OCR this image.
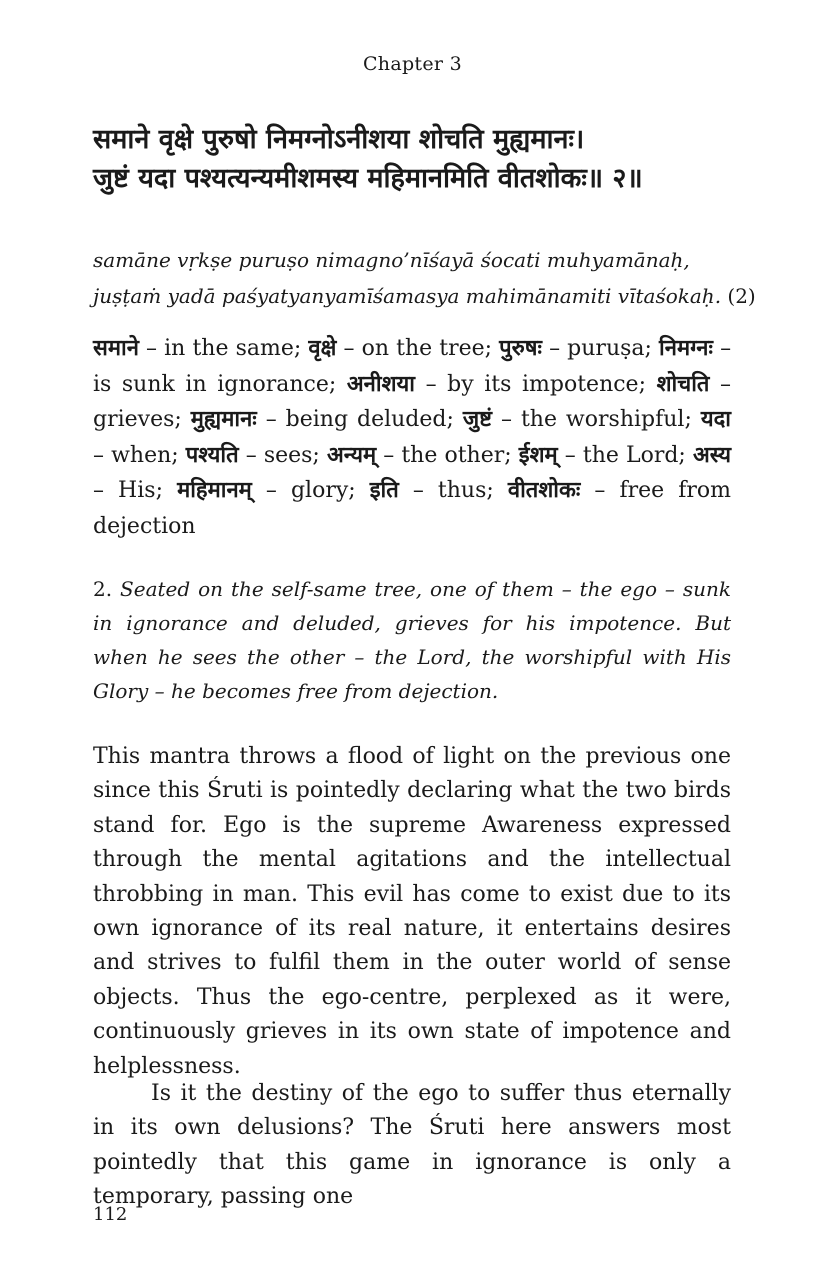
Chapter 3
समाने वृक्षे पुरुषो निमग्नोऽनीशया शोचति मुह्यमानः।
जुष्टं यदा पश्यत्यन्यमीशमस्य महिमानमिति वीतशोकः॥ २॥
samāne vṛkṣe puruṣo nimagno’nīśayā śocati muhyamānaḥ,
juṣṭaṁ yadā paśyatyanyamīśamasya mahimānamiti vītaśokaḥ. (2)
समाने – in the same; वृक्षे – on the tree; पुरुषः – puruṣa; निमग्नः – is sunk in ignorance; अनीशया – by its impotence; शोचति – grieves; मुह्यमानः – being deluded; जुष्टं – the worshipful; यदा – when; पश्यति – sees; अन्यम् – the other; ईशम् – the Lord; अस्य – His; महिमानम् – glory; इति – thus; वीतशोकः – free from dejection
2. Seated on the self-same tree, one of them – the ego – sunk in ignorance and deluded, grieves for his impotence. But when he sees the other – the Lord, the worshipful with His Glory – he becomes free from dejection.
This mantra throws a flood of light on the previous one since this Śruti is pointedly declaring what the two birds stand for. Ego is the supreme Awareness expressed through the mental agitations and the intellectual throbbing in man. This evil has come to exist due to its own ignorance of its real nature, it entertains desires and strives to fulfil them in the outer world of sense objects. Thus the ego-centre, perplexed as it were, continuously grieves in its own state of impotence and helplessness.
Is it the destiny of the ego to suffer thus eternally in its own delusions? The Śruti here answers most pointedly that this game in ignorance is only a temporary, passing one
112
